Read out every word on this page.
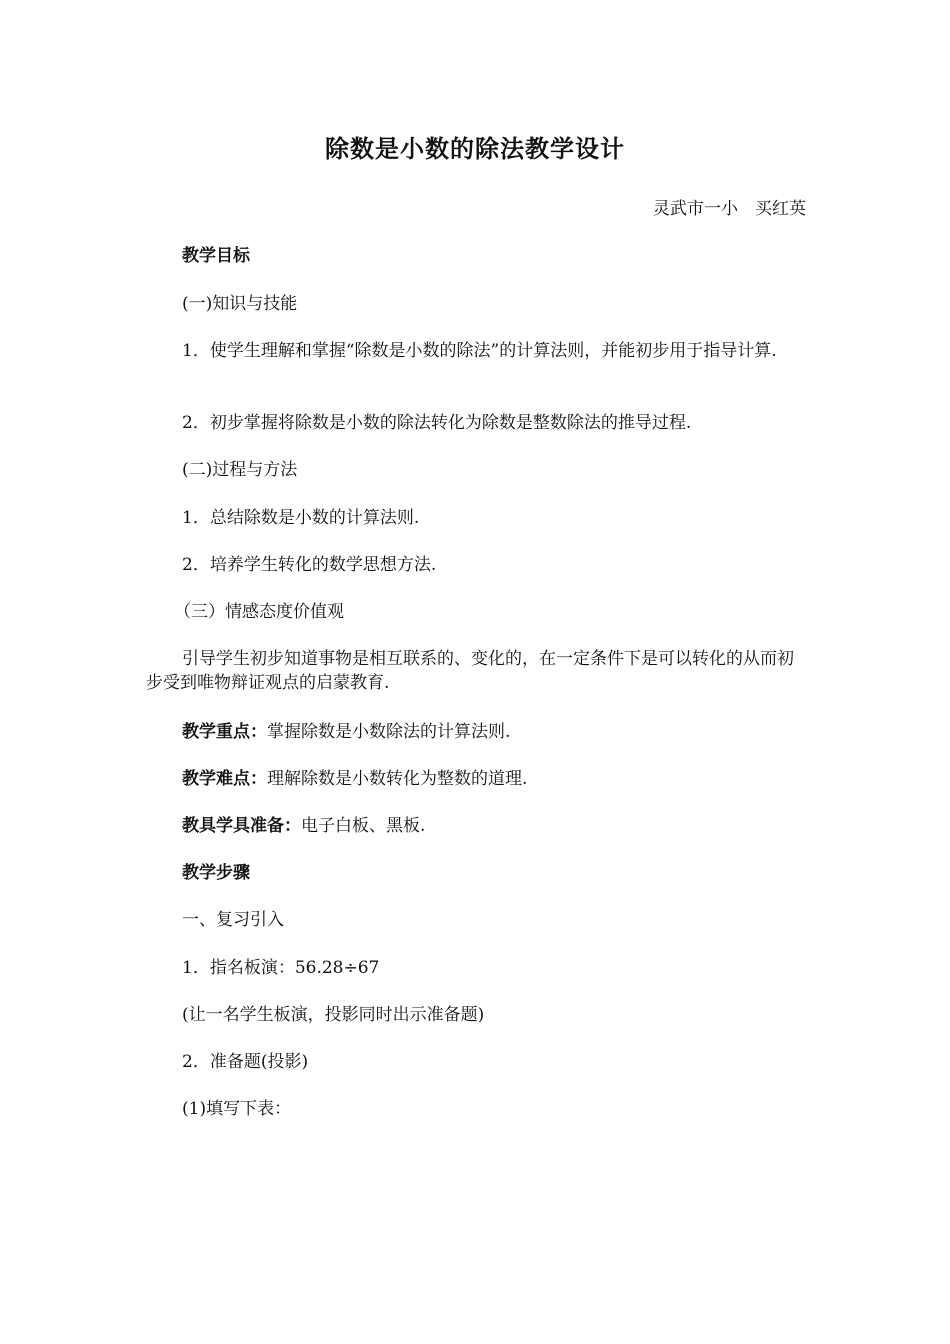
除数是小数的除法教学设计
灵武市一小　买红英

教学目标

(一)知识与技能

1．使学生理解和掌握“除数是小数的除法”的计算法则，并能初步用于指导计算.

2．初步掌握将除数是小数的除法转化为除数是整数除法的推导过程.

(二)过程与方法

1．总结除数是小数的计算法则.

2．培养学生转化的数学思想方法.

（三）情感态度价值观

引导学生初步知道事物是相互联系的、变化的，在一定条件下是可以转化的从而初步受到唯物辩证观点的启蒙教育.

教学重点：掌握除数是小数除法的计算法则.

教学难点：理解除数是小数转化为整数的道理.

教具学具准备：电子白板、黑板.

教学步骤

一、复习引入

1．指名板演：56.28÷67

(让一名学生板演，投影同时出示准备题)

2．准备题(投影)

(1)填写下表：
